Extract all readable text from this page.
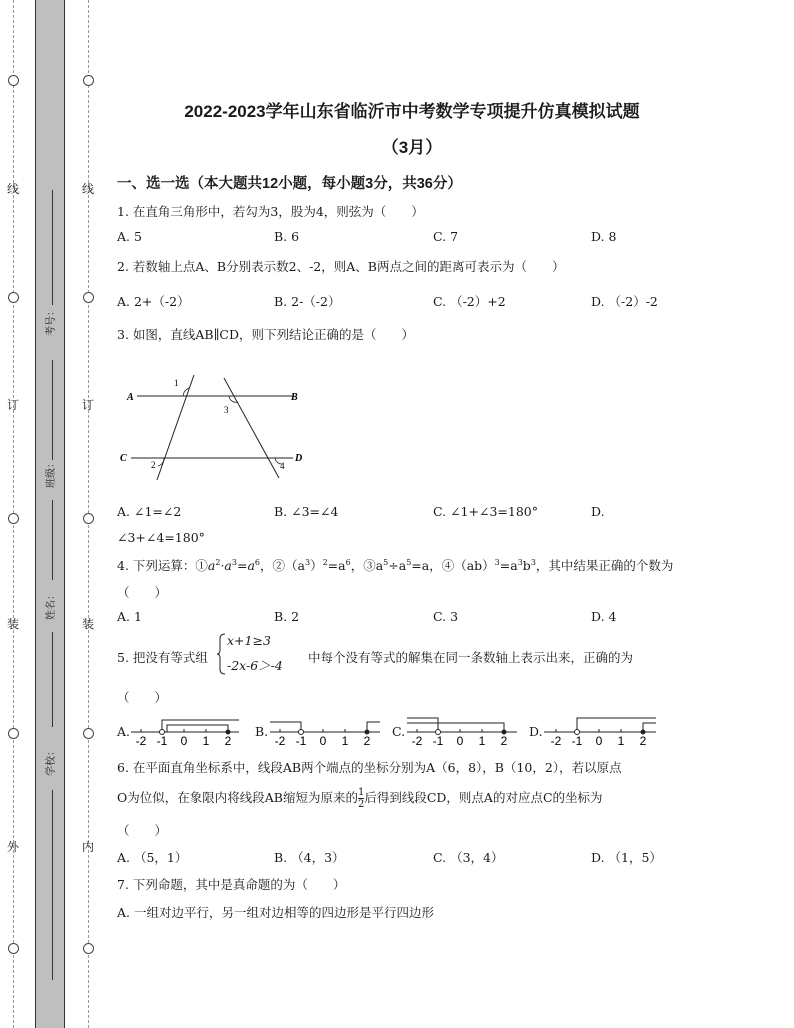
线
订
装
外
线
订
装
内
考号：
班级：
姓名：
学校：
2022-2023学年山东省临沂市中考数学专项提升仿真模拟试题
（3月）
一、选一选（本大题共12小题，每小题3分，共36分）
1. 在直角三角形中，若勾为3，股为4，则弦为（　　）
A. 5	B. 6	C. 7	D. 8
2. 若数轴上点A、B分别表示数2、-2，则A、B两点之间的距离可表示为（　　）
A. 2+（-2）	B. 2-（-2）	C. （-2）+2	D. （-2）-2
3. 如图，直线AB∥CD，则下列结论正确的是（　　）
A	B
C	D
1
2
3
4
A. ∠1=∠2	B. ∠3=∠4	C. ∠1+∠3=180°	D.
∠3+∠4=180°
4. 下列运算：$①a^2\cdot a^3=a^6$，$②(a^3)^2=a^6$，$③a^5\div a^5=a$，$④(ab)^3=a^3b^3$，其中结果正确的个数为
（　　）
A. 1	B. 2	C. 3	D. 4
5. 把没有等式组
x+1≥3
-2x-6＞-4
中每个没有等式的解集在同一条数轴上表示出来，正确的为
（　　）
A.
-2 -1 0 1 2
B.
-2 -1 0 1 2
C.
-2 -1 0 1 2
D.
-2 -1 0 1 2
6. 在平面直角坐标系中，线段AB两个端点的坐标分别为A（6，8），B（10，2），若以原点
O为位似，在象限内将线段AB缩短为原来的 $\frac{1}{2}$ 后得到线段CD，则点A的对应点C的坐标为
（　　）
A. （5，1）	B. （4，3）	C. （3，4）	D. （1，5）
7. 下列命题，其中是真命题的为（　　）
A. 一组对边平行，另一组对边相等的四边形是平行四边形
